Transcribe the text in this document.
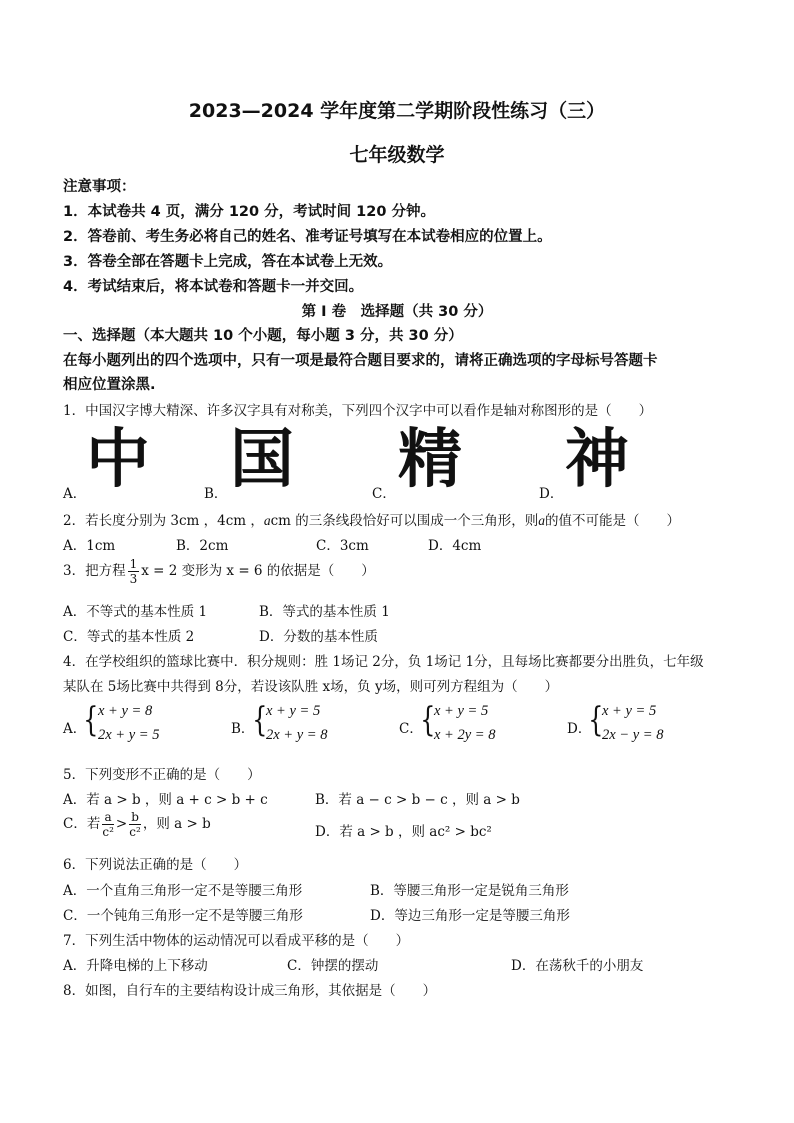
2023—2024 学年度第二学期阶段性练习（三）
七年级数学
注意事项：
1．本试卷共 4 页，满分 120 分，考试时间 120 分钟。
2．答卷前、考生务必将自己的姓名、准考证号填写在本试卷相应的位置上。
3．答卷全部在答题卡上完成，答在本试卷上无效。
4．考试结束后，将本试卷和答题卡一并交回。
第 I 卷　选择题（共 30 分）
一、选择题（本大题共 10 个小题，每小题 3 分，共 30 分）
在每小题列出的四个选项中，只有一项是最符合题目要求的，请将正确选项的字母标号答题卡
相应位置涂黑.
1．中国汉字博大精深、许多汉字具有对称美，下列四个汉字中可以看作是轴对称图形的是（　　）
中 国 精 神
A．	B．	C．	D．
2．若长度分别为 3cm ，4cm ，acm 的三条线段恰好可以围成一个三角形，则a的值不可能是（　　）
A．1cm	B．2cm	C．3cm	D．4cm
3．把方程 $\frac{1}{3}$ x = 2 变形为 x = 6 的依据是（　　）
A．不等式的基本性质 1	B．等式的基本性质 1
C．等式的基本性质 2	D．分数的基本性质
4．在学校组织的篮球比赛中．积分规则：胜 1场记 2分，负 1场记 1分，且每场比赛都要分出胜负，七年级
某队在 5场比赛中共得到 8分，若设该队胜 x场，负 y场，则可列方程组为（　　）
A．
{ x + y = 8
2x + y = 5	B．
{
x + y = 5
2x + y = 8	C．
{
x + y = 5
x + 2y = 8	D．
{
x + y = 5
2x − y = 8
5．下列变形不正确的是（　　）
A．若 a > b ，则 a + c > b + c	B．若 a − c > b − c ，则 a > b
C．若 $\frac{a}{\text{c²}} > \frac{b}{\text{c²}}$ ，则 a > b	D．若 a > b ，则 ac² > bc²
6．下列说法正确的是（　　）
A．一个直角三角形一定不是等腰三角形	B．等腰三角形一定是锐角三角形
C．一个钝角三角形一定不是等腰三角形	D．等边三角形一定是等腰三角形
7．下列生活中物体的运动情况可以看成平移的是（　　）
A．升降电梯的上下移动	C．钟摆的摆动	D．在荡秋千的小朋友
8．如图，自行车的主要结构设计成三角形，其依据是（　　）
